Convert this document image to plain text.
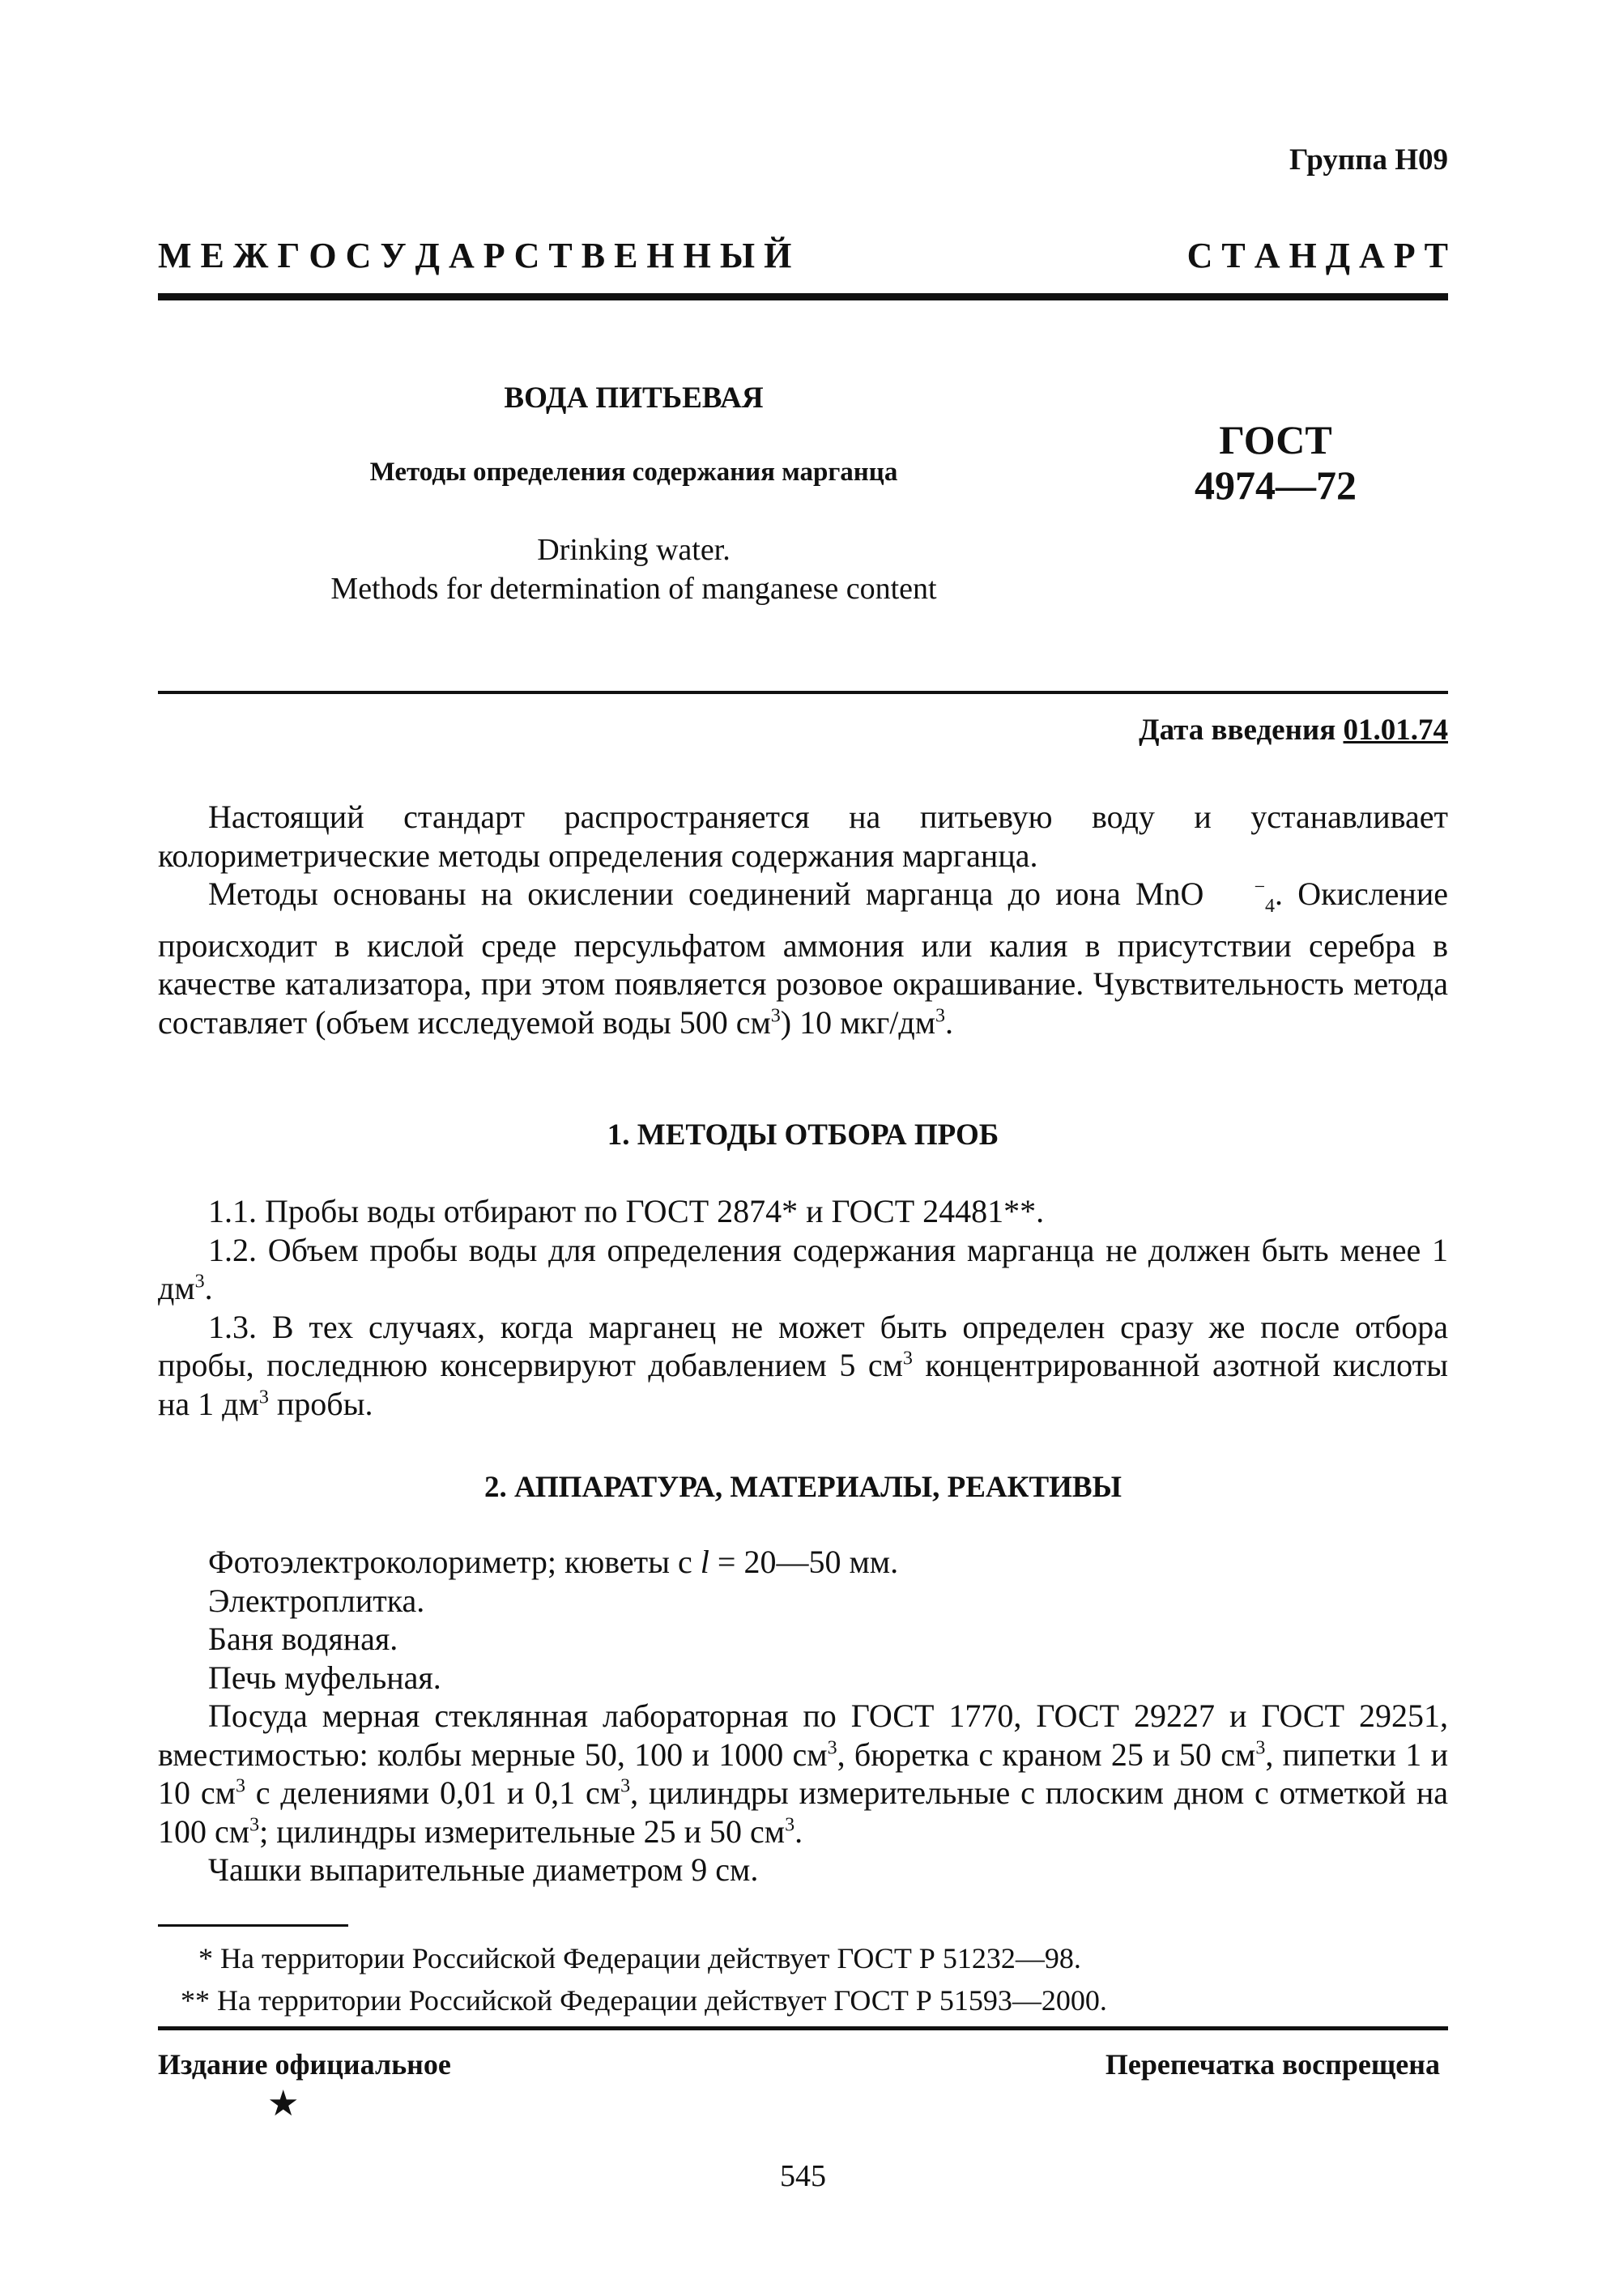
Группа Н09
М Е Ж Г О С У Д А Р С Т В Е Н Н Ы Й	С Т А Н Д А Р Т
ВОДА ПИТЬЕВАЯ
Методы определения содержания марганца
Drinking water.
Methods for determination of manganese content
ГОСТ
4974—72
Дата введения 01.01.74

Настоящий стандарт распространяется на питьевую воду и устанавливает колориметрические методы определения содержания марганца.

Методы основаны на окислении соединений марганца до иона MnO	−$_4$. Окисление происходит в кислой среде персульфатом аммония или калия в присутствии серебра в качестве катализатора, при этом появляется розовое окрашивание. Чувствительность метода составляет (объем исследуемой воды 500 $см^3$) 10 мкг/$дм^3$.

1. МЕТОДЫ ОТБОРА ПРОБ

1.1. Пробы воды отбирают по ГОСТ 2874* и ГОСТ 24481**.

1.2. Объем пробы воды для определения содержания марганца не должен быть менее 1 $дм^3$.

1.3. В тех случаях, когда марганец не может быть определен сразу же после отбора пробы, последнюю консервируют добавлением 5 $см^3$ концентрированной азотной кислоты на 1 $дм^3$ пробы.

2. АППАРАТУРА, МАТЕРИАЛЫ, РЕАКТИВЫ

Фотоэлектроколориметр; кюветы с l = 20—50 мм.

Электроплитка.

Баня водяная.

Печь муфельная.

Посуда мерная стеклянная лабораторная по ГОСТ 1770, ГОСТ 29227 и ГОСТ 29251, вместимостью: колбы мерные 50, 100 и 1000 $см^3$, бюретка с краном 25 и 50 $см^3$, пипетки 1 и 10 $см^3$ с делениями 0,01 и 0,1 $см^3$, цилиндры измерительные с плоским дном с отметкой на 100 $см^3$; цилиндры измерительные 25 и 50 $см^3$.

Чашки выпарительные диаметром 9 см.

* На территории Российской Федерации действует ГОСТ Р 51232—98.
** На территории Российской Федерации действует ГОСТ Р 51593—2000.
Издание официальное	Перепечатка воспрещена
★
545
